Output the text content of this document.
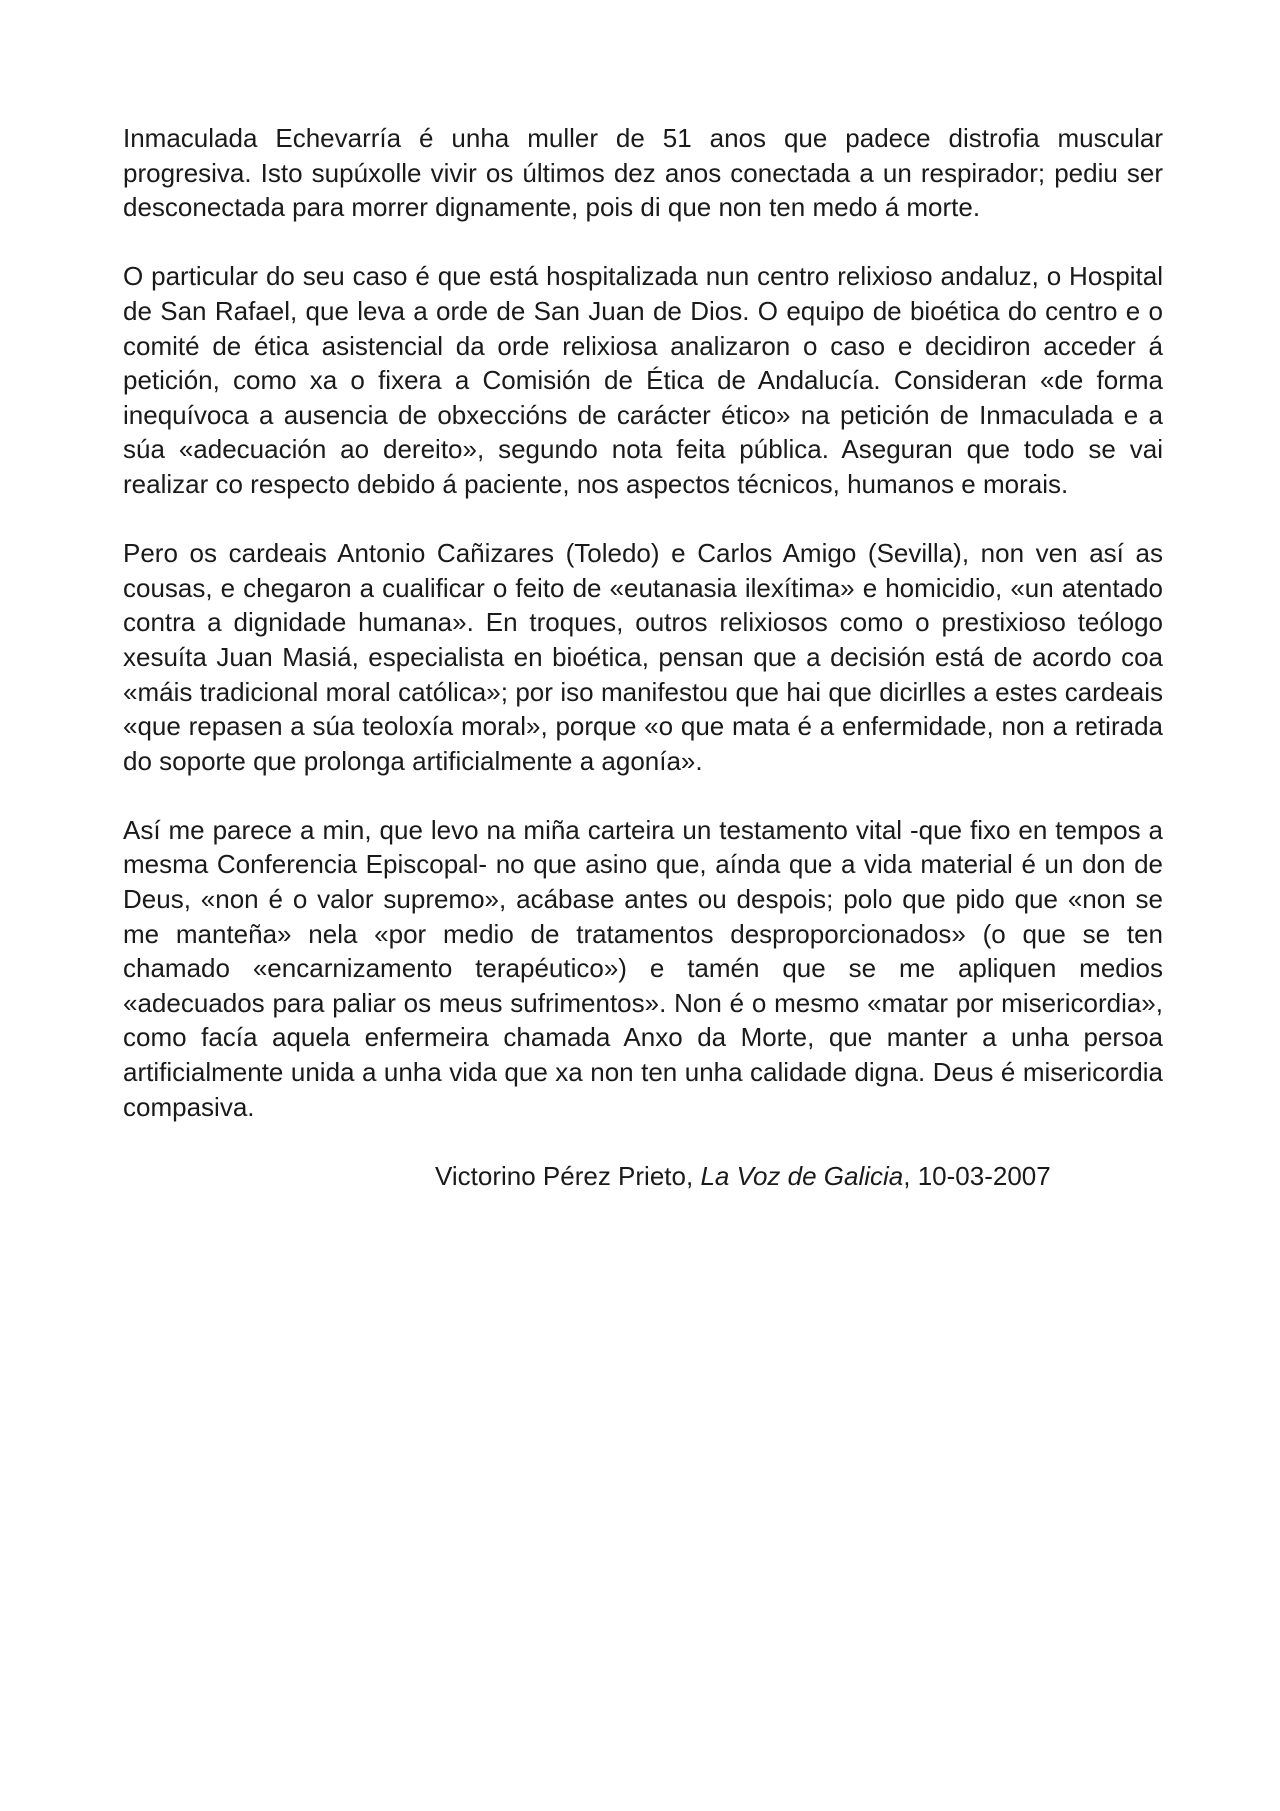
Inmaculada Echevarría é unha muller de 51 anos que padece distrofia muscular progresiva. Isto supúxolle vivir os últimos dez anos conectada a un respirador; pediu ser desconectada para morrer dignamente, pois di que non ten medo á morte.

O particular do seu caso é que está hospitalizada nun centro relixioso andaluz, o Hospital de San Rafael, que leva a orde de San Juan de Dios. O equipo de bioética do centro e o comité de ética asistencial da orde relixiosa analizaron o caso e decidiron acceder á petición, como xa o fixera a Comisión de Ética de Andalucía. Consideran «de forma inequívoca a ausencia de obxeccións de carácter ético» na petición de Inmaculada e a súa «adecuación ao dereito», segundo nota feita pública. Aseguran que todo se vai realizar co respecto debido á paciente, nos aspectos técnicos, humanos e morais.

Pero os cardeais Antonio Cañizares (Toledo) e Carlos Amigo (Sevilla), non ven así as cousas, e chegaron a cualificar o feito de «eutanasia ilexítima» e homicidio, «un atentado contra a dignidade humana». En troques, outros relixiosos como o prestixioso teólogo xesuíta Juan Masiá, especialista en bioética, pensan que a decisión está de acordo coa «máis tradicional moral católica»; por iso manifestou que hai que dicirlles a estes cardeais «que repasen a súa teoloxía moral», porque «o que mata é a enfermidade, non a retirada do soporte que prolonga artificialmente a agonía».

Así me parece a min, que levo na miña carteira un testamento vital -que fixo en tempos a mesma Conferencia Episcopal- no que asino que, aínda que a vida material é un don de Deus, «non é o valor supremo», acábase antes ou despois; polo que pido que «non se me manteña» nela «por medio de tratamentos desproporcionados» (o que se ten chamado «encarnizamento terapéutico») e tamén que se me apliquen medios «adecuados para paliar os meus sufrimentos». Non é o mesmo «matar por misericordia», como facía aquela enfermeira chamada Anxo da Morte, que manter a unha persoa artificialmente unida a unha vida que xa non ten unha calidade digna. Deus é misericordia compasiva.

Victorino Pérez Prieto, La Voz de Galicia, 10-03-2007
